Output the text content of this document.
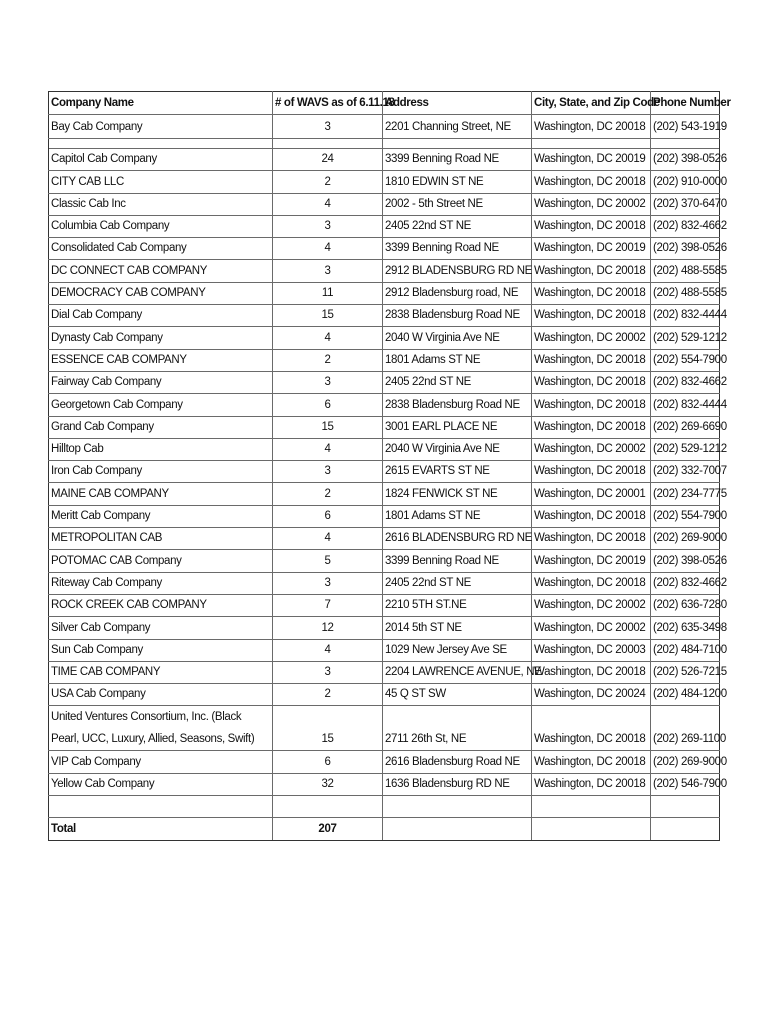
Company Name	# of WAVS as of 6.11.18	Address	City, State, and Zip Code	Phone Number
Bay Cab Company	3	2201 Channing Street, NE	Washington, DC 20018	(202) 543-1919

Capitol Cab Company	24	3399 Benning Road NE	Washington, DC 20019	(202) 398-0526
CITY CAB LLC	2	1810 EDWIN ST NE	Washington, DC 20018	(202) 910-0000
Classic Cab Inc	4	2002 - 5th Street NE	Washington, DC 20002	(202) 370-6470
Columbia Cab Company	3	2405 22nd ST NE	Washington, DC 20018	(202) 832-4662
Consolidated Cab Company	4	3399 Benning Road NE	Washington, DC 20019	(202) 398-0526
DC CONNECT CAB COMPANY	3	2912 BLADENSBURG RD NE	Washington, DC 20018	(202) 488-5585
DEMOCRACY CAB COMPANY	11	2912 Bladensburg road, NE	Washington, DC 20018	(202) 488-5585
Dial Cab Company	15	2838 Bladensburg Road NE	Washington, DC 20018	(202) 832-4444
Dynasty Cab Company	4	2040 W Virginia Ave NE	Washington, DC 20002	(202) 529-1212
ESSENCE CAB COMPANY	2	1801 Adams ST NE	Washington, DC 20018	(202) 554-7900
Fairway Cab Company	3	2405 22nd ST NE	Washington, DC 20018	(202) 832-4662
Georgetown Cab Company	6	2838 Bladensburg Road NE	Washington, DC 20018	(202) 832-4444
Grand Cab Company	15	3001 EARL PLACE NE	Washington, DC 20018	(202) 269-6690
Hilltop Cab	4	2040 W Virginia Ave NE	Washington, DC 20002	(202) 529-1212
Iron Cab Company	3	2615 EVARTS ST NE	Washington, DC 20018	(202) 332-7007
MAINE CAB COMPANY	2	1824 FENWICK ST NE	Washington, DC 20001	(202) 234-7775
Meritt Cab Company	6	1801 Adams ST NE	Washington, DC 20018	(202) 554-7900
METROPOLITAN CAB	4	2616 BLADENSBURG RD NE	Washington, DC 20018	(202) 269-9000
POTOMAC CAB Company	5	3399 Benning Road NE	Washington, DC 20019	(202) 398-0526
Riteway Cab Company	3	2405 22nd ST NE	Washington, DC 20018	(202) 832-4662
ROCK CREEK CAB COMPANY	7	2210 5TH ST.NE	Washington, DC 20002	(202) 636-7280
Silver Cab Company	12	2014 5th ST NE	Washington, DC 20002	(202) 635-3498
Sun Cab Company	4	1029 New Jersey Ave SE	Washington, DC 20003	(202) 484-7100
TIME CAB COMPANY	3	2204 LAWRENCE AVENUE, NE	Washington, DC 20018	(202) 526-7215
USA Cab Company	2	45 Q ST SW	Washington, DC 20024	(202) 484-1200
United Ventures Consortium, Inc. (Black Pearl, UCC, Luxury, Allied, Seasons, Swift)	15	2711 26th St, NE	Washington, DC 20018	(202) 269-1100
VIP Cab Company	6	2616 Bladensburg Road NE	Washington, DC 20018	(202) 269-9000
Yellow Cab Company	32	1636 Bladensburg RD NE	Washington, DC 20018	(202) 546-7900

Total	207			
